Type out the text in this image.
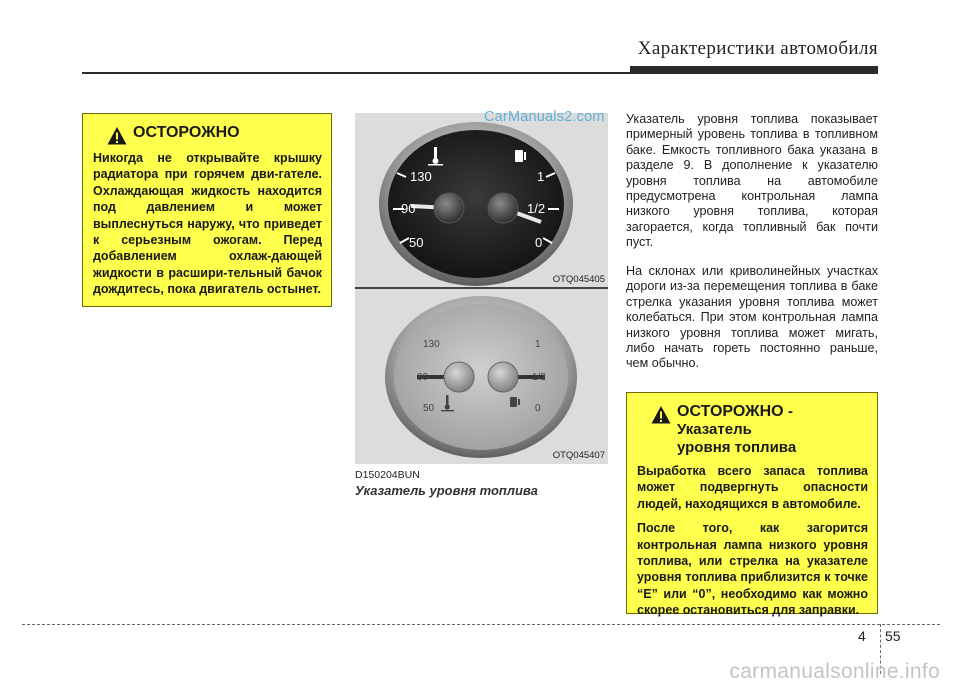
Характеристики автомобиля
ОСТОРОЖНО

Никогда не открывайте крышку радиатора при горячем дви-гателе. Охлаждающая жидкость находится под давлением и может выплеснуться наружу, что приведет к серьезным ожогам. Перед добавлением охлаж-дающей жидкости в расшири-тельный бачок дождитесь, пока двигатель остынет.

130
90
50
1
1/2
0
OTQ045405
CarManuals2.com
130
90
50
1
1/2
0
OTQ045407
D150204BUN
Указатель уровня топлива

Указатель уровня топлива показывает примерный уровень топлива в топливном баке. Емкость топливного бака указана в разделе 9. В дополнение к указателю уровня топлива на автомобиле предусмотрена контрольная лампа низкого уровня топлива, которая загорается, когда топливный бак почти пуст.

На склонах или криволинейных участках дороги из-за перемещения топлива в баке стрелка указания уровня топлива может колебаться. При этом контрольная лампа низкого уровня топлива может мигать, либо начать гореть постоянно раньше, чем обычно.

ОСТОРОЖНО - Указатель
уровня топлива

Выработка всего запаса топлива может подвергнуть опасности людей, находящихся в автомобиле.

После того, как загорится контрольная лампа низкого уровня топлива, или стрелка на указателе уровня топлива приблизится к точке “E” или “0”, необходимо как можно скорее остановиться для заправки.

4 55
carmanualsonline.info
